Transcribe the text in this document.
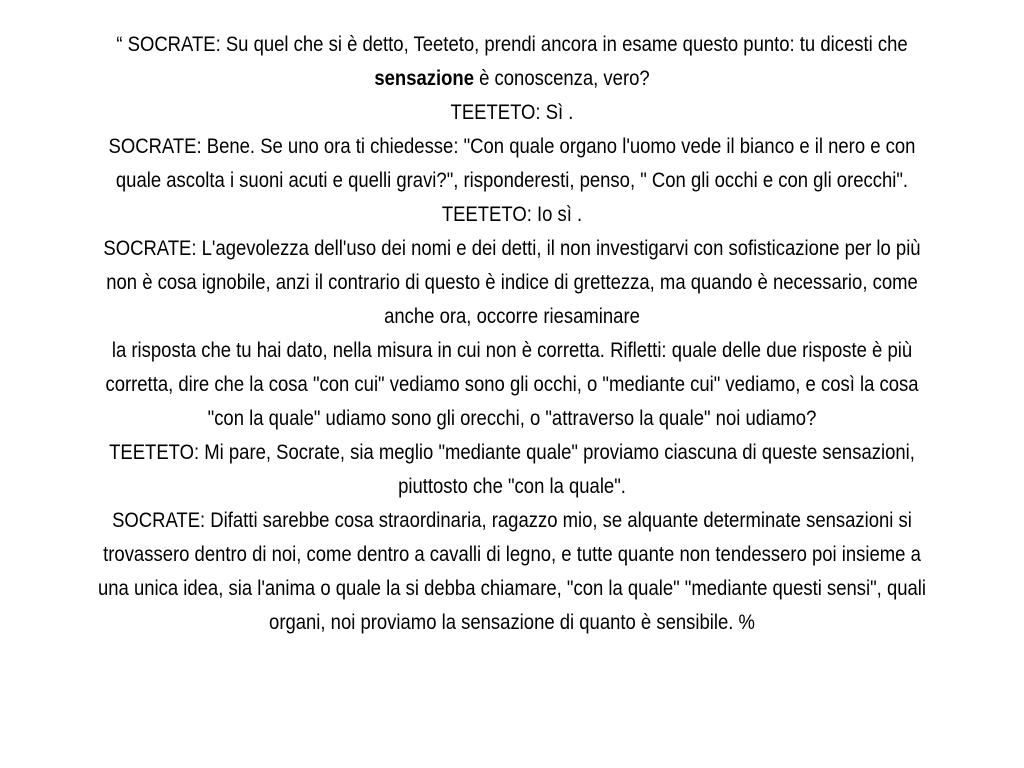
“ SOCRATE: Su quel che si è detto, Teeteto, prendi ancora in esame questo punto: tu dicesti che sensazione è conoscenza, vero?
TEETETO: Sì .
SOCRATE: Bene. Se uno ora ti chiedesse: "Con quale organo l'uomo vede il bianco e il nero e con quale ascolta i suoni acuti e quelli gravi?", risponderesti, penso, " Con gli occhi e con gli orecchi".
TEETETO: Io sì .
SOCRATE: L'agevolezza dell'uso dei nomi e dei detti, il non investigarvi con sofisticazione per lo più non è cosa ignobile, anzi il contrario di questo è indice di grettezza, ma quando è necessario, come anche ora, occorre riesaminare
la risposta che tu hai dato, nella misura in cui non è corretta. Rifletti: quale delle due risposte è più corretta, dire che la cosa "con cui" vediamo sono gli occhi, o "mediante cui" vediamo, e così la cosa "con la quale" udiamo sono gli orecchi, o "attraverso la quale" noi udiamo?
TEETETO: Mi pare, Socrate, sia meglio "mediante quale" proviamo ciascuna di queste sensazioni, piuttosto che "con la quale".
SOCRATE: Difatti sarebbe cosa straordinaria, ragazzo mio, se alquante determinate sensazioni si trovassero dentro di noi, come dentro a cavalli di legno, e tutte quante non tendessero poi insieme a una unica idea, sia l'anima o quale la si debba chiamare, "con la quale" "mediante questi sensi", quali organi, noi proviamo la sensazione di quanto è sensibile. %
